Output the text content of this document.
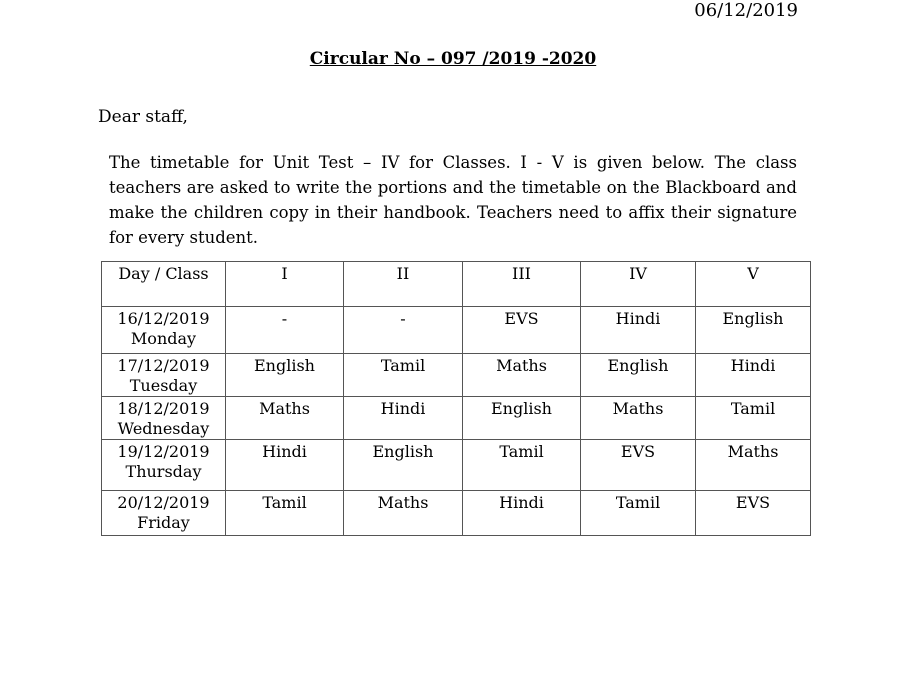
06/12/2019
Circular No – 097 /2019 -2020
Dear staff,
The timetable for Unit Test – IV for Classes. I - V is given below. The class teachers are asked to write the portions and the timetable on the Blackboard and make the children copy in their handbook. Teachers need to affix their signature for every student.
Day / Class	I	II	III	IV	V

16/12/2019
Monday	-	-	EVS	Hindi	English

17/12/2019
Tuesday	English	Tamil	Maths	English	Hindi

18/12/2019
Wednesday	Maths	Hindi	English	Maths	Tamil

19/12/2019
Thursday	Hindi	English	Tamil	EVS	Maths

20/12/2019
Friday	Tamil	Maths	Hindi	Tamil	EVS
